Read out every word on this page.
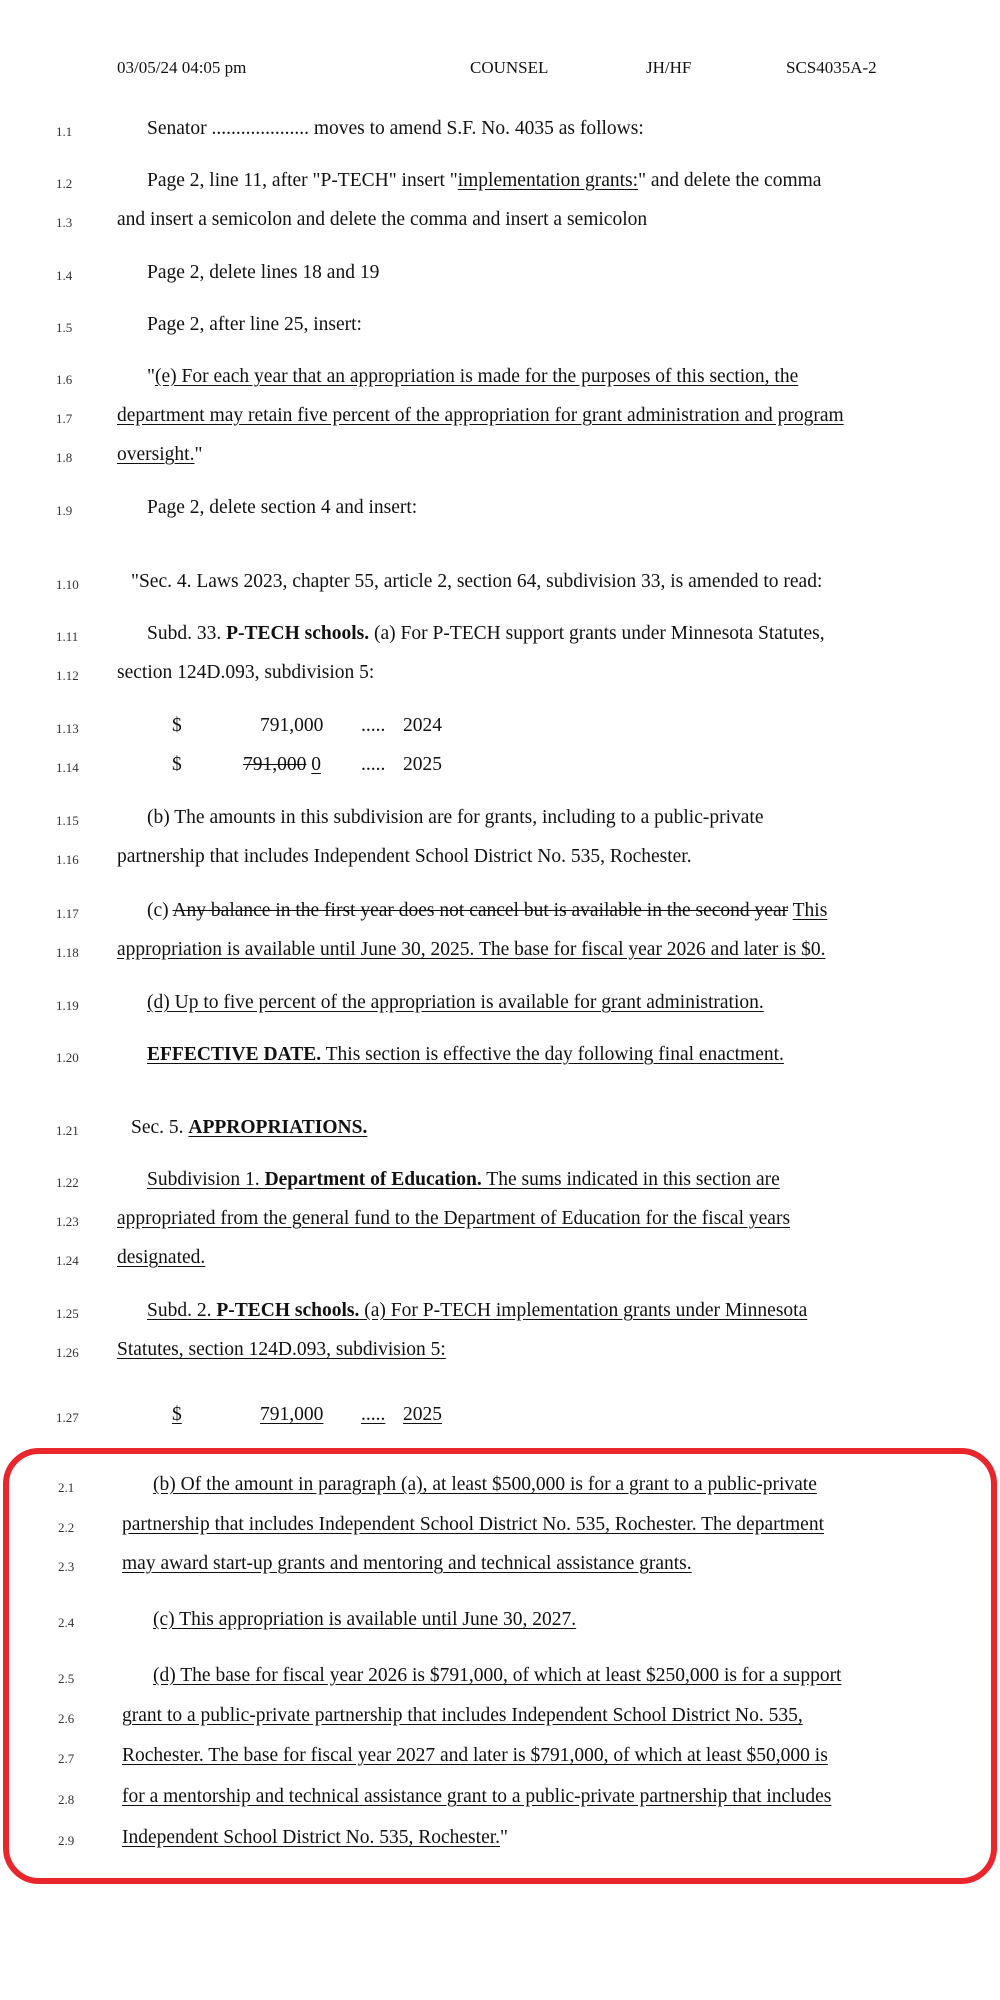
03/05/24 04:05 pm	COUNSEL	JH/HF	SCS4035A-2
1.1	Senator .................... moves to amend S.F. No. 4035 as follows:
1.2	Page 2, line 11, after "P-TECH" insert "implementation grants:" and delete the comma
1.3 and insert a semicolon and delete the comma and insert a semicolon
1.4	Page 2, delete lines 18 and 19
1.5	Page 2, after line 25, insert:
1.6	"(e) For each year that an appropriation is made for the purposes of this section, the
1.7 department may retain five percent of the appropriation for grant administration and program
1.8 oversight."
1.9	Page 2, delete section 4 and insert:
1.10	"Sec. 4. Laws 2023, chapter 55, article 2, section 64, subdivision 33, is amended to read:
1.11	Subd. 33. P-TECH schools. (a) For P-TECH support grants under Minnesota Statutes,
1.12 section 124D.093, subdivision 5:
1.13	$	791,000 ..... 2024
1.14	$	791,000 0 ..... 2025
1.15	(b) The amounts in this subdivision are for grants, including to a public-private
1.16 partnership that includes Independent School District No. 535, Rochester.
1.17	(c) Any balance in the first year does not cancel but is available in the second year This
1.18 appropriation is available until June 30, 2025. The base for fiscal year 2026 and later is $0.
1.19	(d) Up to five percent of the appropriation is available for grant administration.
1.20	EFFECTIVE DATE. This section is effective the day following final enactment.
1.21	Sec. 5. APPROPRIATIONS.
1.22	Subdivision 1. Department of Education. The sums indicated in this section are
1.23 appropriated from the general fund to the Department of Education for the fiscal years
1.24 designated.
1.25	Subd. 2. P-TECH schools. (a) For P-TECH implementation grants under Minnesota
1.26 Statutes, section 124D.093, subdivision 5:
1.27	$	791,000 ..... 2025
2.1	(b) Of the amount in paragraph (a), at least $500,000 is for a grant to a public-private
2.2 partnership that includes Independent School District No. 535, Rochester. The department
2.3 may award start-up grants and mentoring and technical assistance grants.
2.4	(c) This appropriation is available until June 30, 2027.
2.5	(d) The base for fiscal year 2026 is $791,000, of which at least $250,000 is for a support
2.6 grant to a public-private partnership that includes Independent School District No. 535,
2.7 Rochester. The base for fiscal year 2027 and later is $791,000, of which at least $50,000 is
2.8 for a mentorship and technical assistance grant to a public-private partnership that includes
2.9 Independent School District No. 535, Rochester."
